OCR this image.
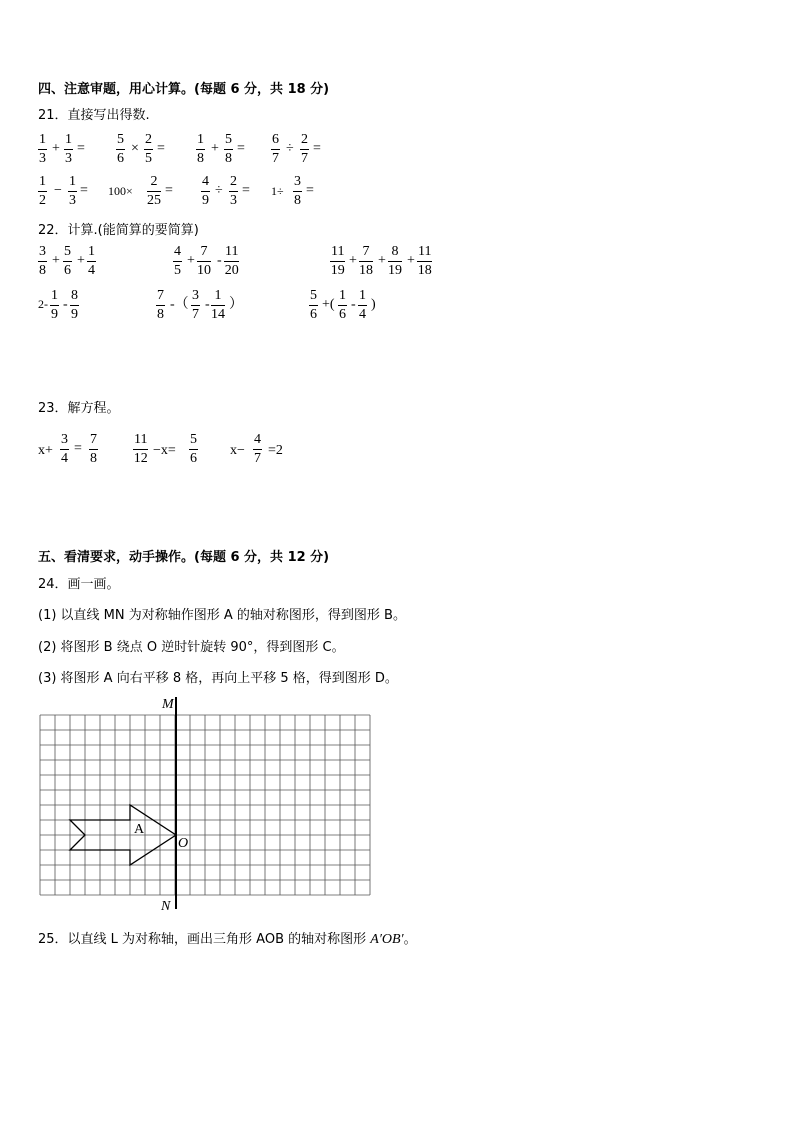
四、注意审题，用心计算。(每题 6 分，共 18 分)
21．直接写出得数.
$\frac{1}{3} + \frac{1}{3} = \frac{5}{6} \times \frac{2}{5} = \frac{1}{8} + \frac{5}{8} = \frac{6}{7} \div \frac{2}{7}$ =
$\frac{1}{2} - \frac{1}{3} = 100\times \frac{2}{25} = \frac{4}{9} \div \frac{2}{3} = 1\div \frac{3}{8}$ =
22．计算.(能简算的要简算)
$\frac{3}{8} + \frac{5}{6} + \frac{1}{4}$	$\frac{4}{5} + \frac{7}{10} - \frac{11}{20}$	$\frac{11}{19} + \frac{7}{18} + \frac{8}{19} + \frac{11}{18}$
$2- \frac{1}{9} - \frac{8}{9}$	$\frac{7}{8}$ -（ $\frac{3}{7} - \frac{1}{14}$ ）	$\frac{5}{6}$ +( $\frac{1}{6} - \frac{1}{4}$ )
23．解方程。
$x+ \frac{3}{4} = \frac{7}{8}$	$\frac{11}{12} -x= \frac{5}{6} x- \frac{4}{7} =2$
五、看清要求，动手操作。(每题 6 分，共 12 分)
24．画一画。
(1) 以直线 MN 为对称轴作图形 A 的轴对称图形，得到图形 B。
(2) 将图形 B 绕点 O 逆时针旋转 90°，得到图形 C。
(3) 将图形 A 向右平移 8 格，再向上平移 5 格，得到图形 D。
A
M
N
O
25．以直线 L 为对称轴，画出三角形 AOB 的轴对称图形 A′OB′。
